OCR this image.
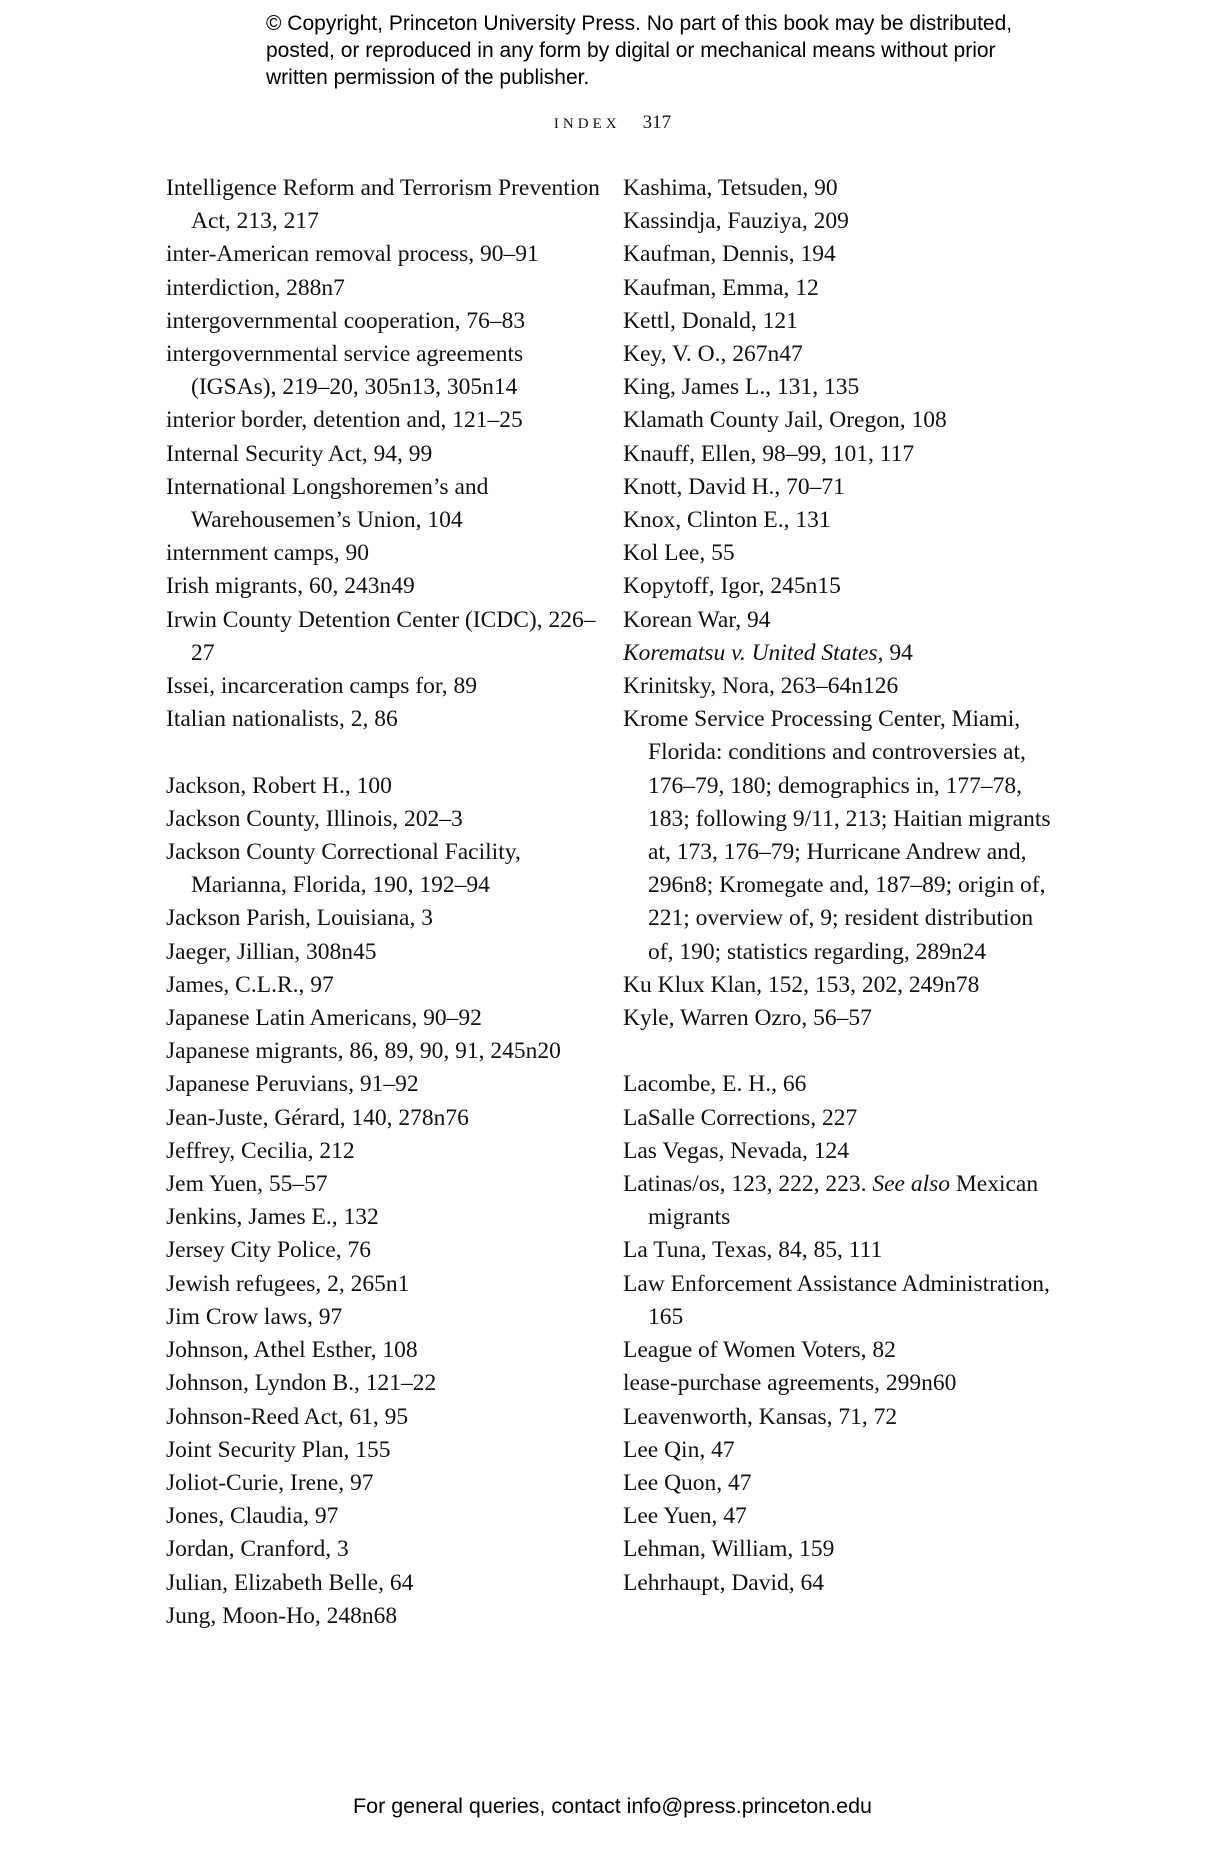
© Copyright, Princeton University Press. No part of this book may be distributed, posted, or reproduced in any form by digital or mechanical means without prior written permission of the publisher.
INDEX 317

Intelligence Reform and Terrorism Prevention Act, 213, 217

inter-American removal process, 90–91

interdiction, 288n7

intergovernmental cooperation, 76–83

intergovernmental service agreements (IGSAs), 219–20, 305n13, 305n14

interior border, detention and, 121–25

Internal Security Act, 94, 99

International Longshoremen’s and Warehousemen’s Union, 104

internment camps, 90

Irish migrants, 60, 243n49

Irwin County Detention Center (ICDC), 226–27

Issei, incarceration camps for, 89

Italian nationalists, 2, 86

Jackson, Robert H., 100

Jackson County, Illinois, 202–3

Jackson County Correctional Facility, Marianna, Florida, 190, 192–94

Jackson Parish, Louisiana, 3

Jaeger, Jillian, 308n45

James, C.L.R., 97

Japanese Latin Americans, 90–92

Japanese migrants, 86, 89, 90, 91, 245n20

Japanese Peruvians, 91–92

Jean-Juste, Gérard, 140, 278n76

Jeffrey, Cecilia, 212

Jem Yuen, 55–57

Jenkins, James E., 132

Jersey City Police, 76

Jewish refugees, 2, 265n1

Jim Crow laws, 97

Johnson, Athel Esther, 108

Johnson, Lyndon B., 121–22

Johnson-Reed Act, 61, 95

Joint Security Plan, 155

Joliot-Curie, Irene, 97

Jones, Claudia, 97

Jordan, Cranford, 3

Julian, Elizabeth Belle, 64

Jung, Moon-Ho, 248n68

Kashima, Tetsuden, 90

Kassindja, Fauziya, 209

Kaufman, Dennis, 194

Kaufman, Emma, 12

Kettl, Donald, 121

Key, V. O., 267n47

King, James L., 131, 135

Klamath County Jail, Oregon, 108

Knauff, Ellen, 98–99, 101, 117

Knott, David H., 70–71

Knox, Clinton E., 131

Kol Lee, 55

Kopytoff, Igor, 245n15

Korean War, 94

Korematsu v. United States, 94

Krinitsky, Nora, 263–64n126

Krome Service Processing Center, Miami, Florida: conditions and controversies at, 176–79, 180; demographics in, 177–78, 183; following 9/11, 213; Haitian migrants at, 173, 176–79; Hurricane Andrew and, 296n8; Kromegate and, 187–89; origin of, 221; overview of, 9; resident distribution of, 190; statistics regarding, 289n24

Ku Klux Klan, 152, 153, 202, 249n78

Kyle, Warren Ozro, 56–57

Lacombe, E. H., 66

LaSalle Corrections, 227

Las Vegas, Nevada, 124

Latinas/os, 123, 222, 223. See also Mexican migrants

La Tuna, Texas, 84, 85, 111

Law Enforcement Assistance Administration, 165

League of Women Voters, 82

lease-purchase agreements, 299n60

Leavenworth, Kansas, 71, 72

Lee Qin, 47

Lee Quon, 47

Lee Yuen, 47

Lehman, William, 159

Lehrhaupt, David, 64

For general queries, contact info@press.princeton.edu
